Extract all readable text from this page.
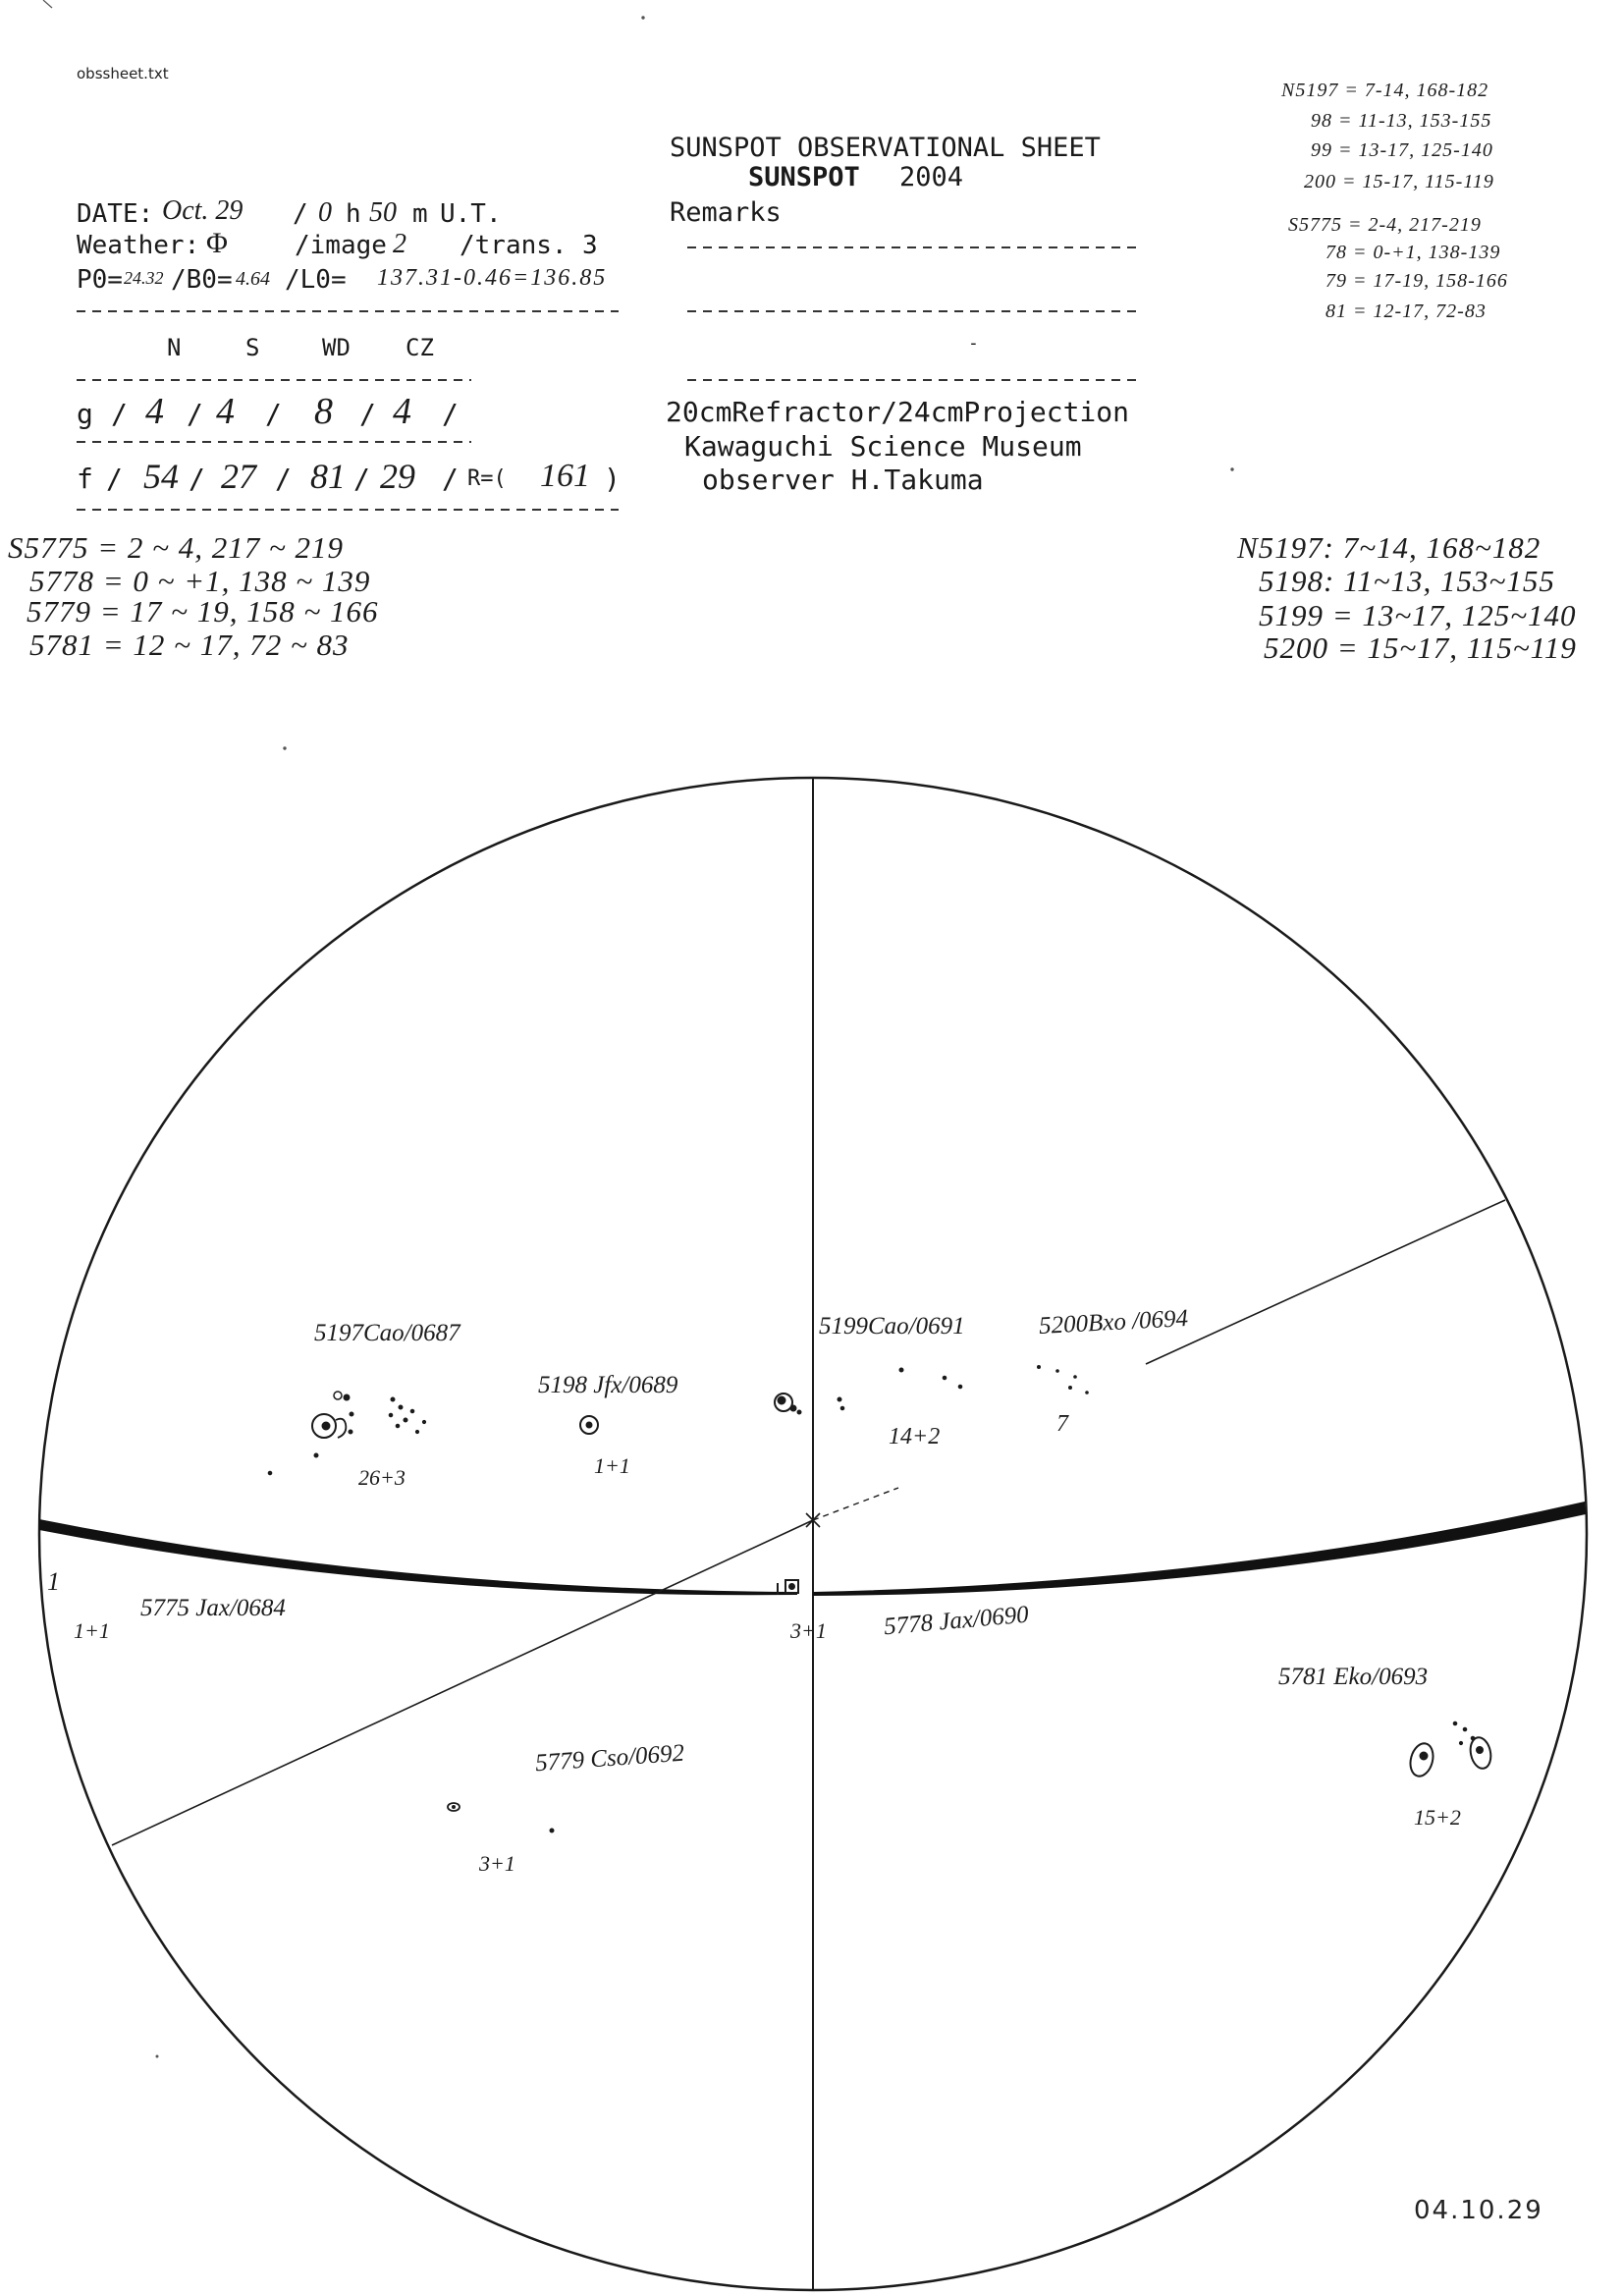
obssheet.txt
SUNSPOT OBSERVATIONAL SHEET
SUNSPOT 2004
DATE: Oct. 29 / 0 h 50 m U.T.
Weather: Φ	/image 2 /trans. 3
P0= 24.32 /B0= 4.64 /L0= 137.31-0.46=136.85
N	S	WD CZ
g / 4 / 4 / 8 / 4 /
f / 54 / 27 / 81 / 29 / R=( 161 )
Remarks
-
20cmRefractor/24cmProjection
Kawaguchi Science Museum
observer H.Takuma
N5197 = 7-14, 168-182
98 = 11-13, 153-155
99 = 13-17, 125-140
200 = 15-17, 115-119
S5775 = 2-4, 217-219
78 = 0-+1, 138-139
79 = 17-19, 158-166
81 = 12-17, 72-83
S5775 = 2 ~ 4, 217 ~ 219
5778 = 0 ~ +1, 138 ~ 139
5779 = 17 ~ 19, 158 ~ 166
5781 = 12 ~ 17, 72 ~ 83
N5197: 7~14, 168~182
5198: 11~13, 153~155
5199 = 13~17, 125~140
5200 = 15~17, 115~119
5197Cao/0687
26+3
5198 Jfx/0689
1+1
5199Cao/0691
14+2
5200Bxo /0694
7
1
5775 Jax/0684
1+1	5778 Jax/0690
3+1
5779 Cso/0692
3+1
5781 Eko/0693
15+2
04.10.29
